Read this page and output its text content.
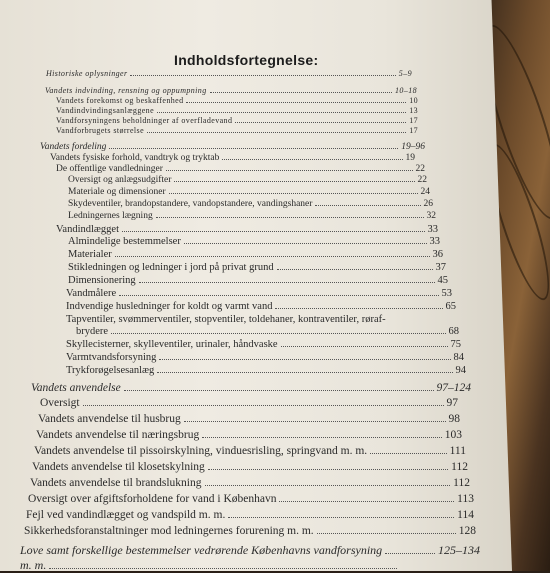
Indholdsfortegnelse:
Historiske oplysninger	5–9
Vandets indvinding, rensning og oppumpning	10–18
Vandets forekomst og beskaffenhed	10
Vandindvindingsanlæggene	13
Vandforsyningens beholdninger af overfladevand	17
Vandforbrugets størrelse	17
Vandets fordeling	19–96
Vandets fysiske forhold, vandtryk og tryktab	19
De offentlige vandledninger	22
Oversigt og anlægsudgifter	22
Materiale og dimensioner	24
Skydeventiler, brandopstandere, vandopstandere, vandingshaner	26
Ledningernes lægning	32
Vandindlægget	33
Almindelige bestemmelser	33
Materialer	36
Stikledningen og ledninger i jord på privat grund	37
Dimensionering	45
Vandmålere	53
Indvendige husledninger for koldt og varmt vand	65
Tapventiler, svømmerventiler, stopventiler, toldehaner, kontraventiler, røraf-
brydere	68
Skyllecisterner, skylleventiler, urinaler, håndvaske	75
Varmtvandsforsyning	84
Trykforøgelsesanlæg	94
Vandets anvendelse	97–124
Oversigt	97
Vandets anvendelse til husbrug	98
Vandets anvendelse til næringsbrug	103
Vandets anvendelse til pissoirskylning, vinduesrisling, springvand m. m.	111
Vandets anvendelse til klosetskylning	112
Vandets anvendelse til brandslukning	112
Oversigt over afgiftsforholdene for vand i København	113
Fejl ved vandindlægget og vandspild m. m.	114
Sikkerhedsforanstaltninger mod ledningernes forurening m. m.	128
Love samt forskellige bestemmelser vedrørende Københavns vandforsyning	125–134
m. m.
